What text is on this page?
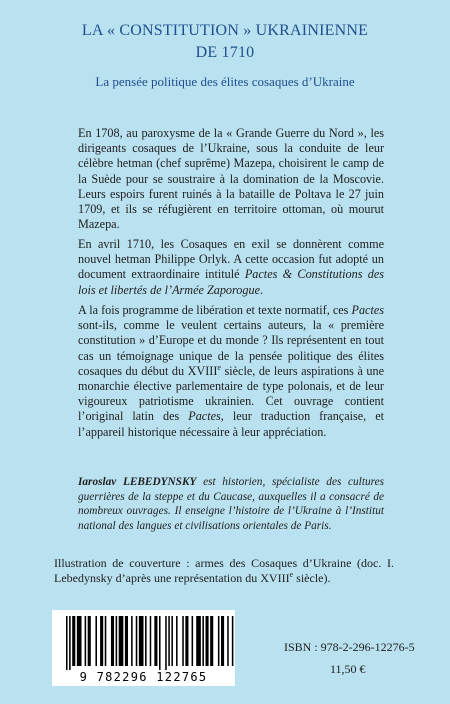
LA « CONSTITUTION » UKRAINIENNE
DE 1710
La pensée politique des élites cosaques d’Ukraine

En 1708, au paroxysme de la « Grande Guerre du Nord », les dirigeants cosaques de l’Ukraine, sous la conduite de leur célèbre hetman (chef suprême) Mazepa, choisirent le camp de la Suède pour se soustraire à la domination de la Moscovie. Leurs espoirs furent ruinés à la bataille de Poltava le 27 juin 1709, et ils se réfugièrent en territoire ottoman, où mourut Mazepa.

En avril 1710, les Cosaques en exil se donnèrent comme nouvel hetman Philippe Orlyk. A cette occasion fut adopté un document extraordinaire intitulé Pactes & Constitutions des lois et libertés de l’Armée Zaporogue.

A la fois programme de libération et texte normatif, ces Pactes sont-ils, comme le veulent certains auteurs, la « première constitution » d’Europe et du monde ? Ils représentent en tout cas un témoignage unique de la pensée politique des élites cosaques du début du XVIIIe siècle, de leurs aspirations à une monarchie élective parlementaire de type polonais, et de leur vigoureux patriotisme ukrainien. Cet ouvrage contient l’original latin des Pactes, leur traduction française, et l’appareil historique nécessaire à leur appréciation.

Iaroslav LEBEDYNSKY est historien, spécialiste des cultures guerrières de la steppe et du Caucase, auxquelles il a consacré de nombreux ouvrages. Il enseigne l’histoire de l’Ukraine à l’Institut national des langues et civilisations orientales de Paris.

Illustration de couverture : armes des Cosaques d’Ukraine (doc. I. Lebedynsky d’après une représentation du XVIIIe siècle).

9 782296 122765
ISBN : 978-2-296-12276-5
11,50 €
